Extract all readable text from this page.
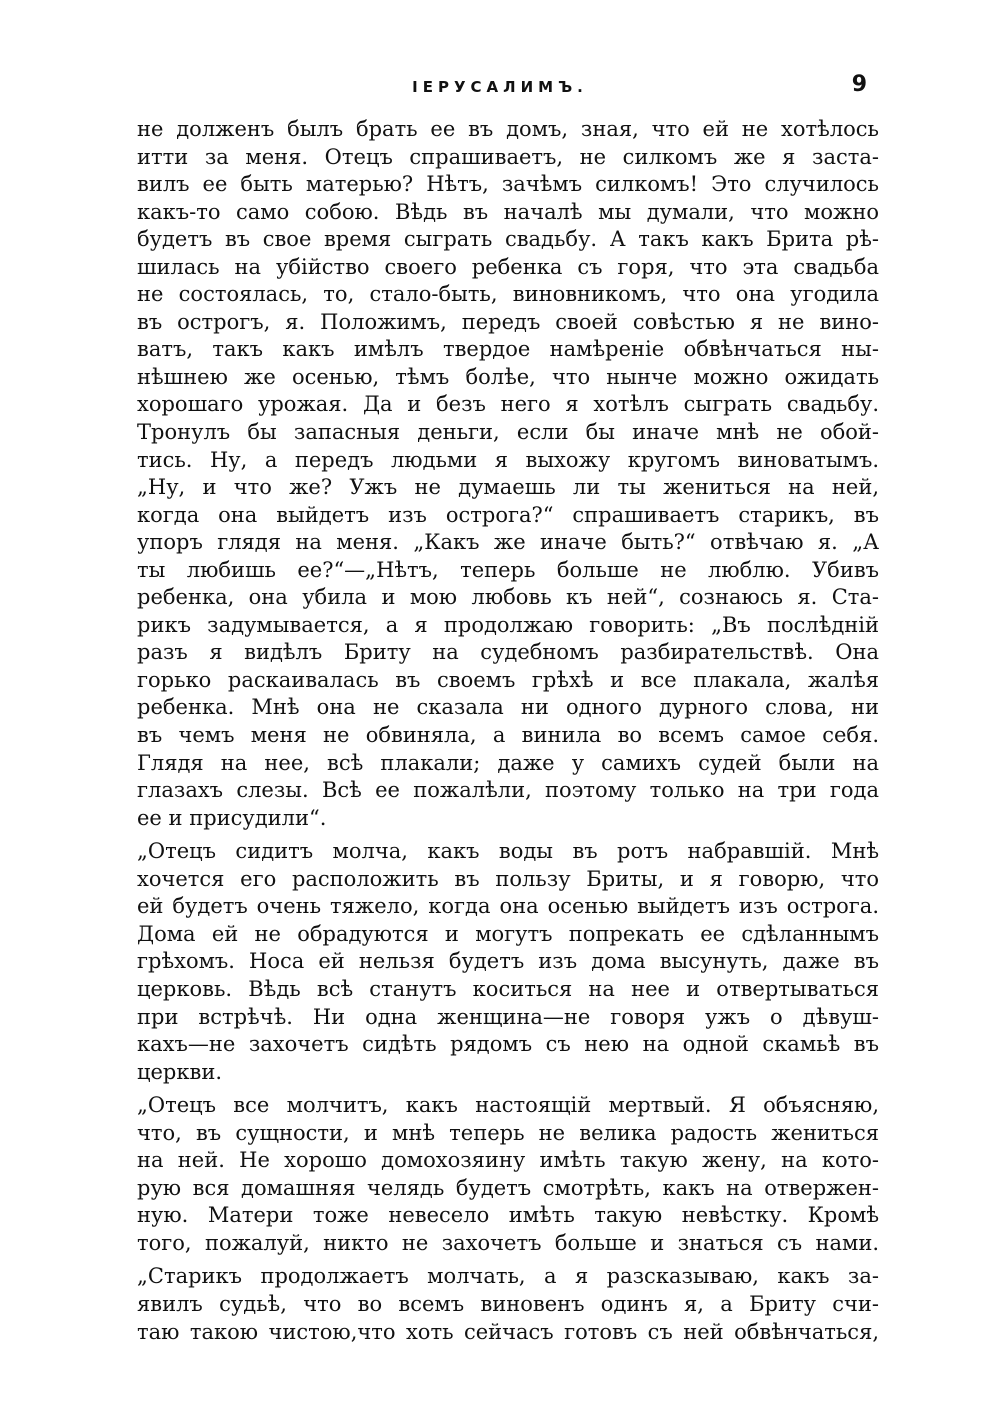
ІЕРУСАЛИМЪ.	9
не долженъ былъ брать ее въ домъ, зная, что ей не хотѣлось
итти за меня. Отецъ спрашиваетъ, не силкомъ же я заста-
вилъ ее быть матерью? Нѣтъ, зачѣмъ силкомъ! Это случилось
какъ-то само собою. Вѣдь въ началѣ мы думали, что можно
будетъ въ свое время сыграть свадьбу. А такъ какъ Брита рѣ-
шилась на убійство своего ребенка съ горя, что эта свадьба
не состоялась, то, стало-быть, виновникомъ, что она угодила
въ острогъ, я. Положимъ, передъ своей совѣстью я не вино-
ватъ, такъ какъ имѣлъ твердое намѣреніе обвѣнчаться ны-
нѣшнею же осенью, тѣмъ болѣе, что нынче можно ожидать
хорошаго урожая. Да и безъ него я хотѣлъ сыграть свадьбу.
Тронулъ бы запасныя деньги, если бы иначе мнѣ не обой-
тись. Ну, а передъ людьми я выхожу кругомъ виноватымъ.
„Ну, и что же? Ужъ не думаешь ли ты жениться на ней,
когда она выйдетъ изъ острога?“ спрашиваетъ старикъ, въ
упоръ глядя на меня. „Какъ же иначе быть?“ отвѣчаю я. „А
ты любишь ее?“—„Нѣтъ, теперь больше не люблю. Убивъ
ребенка, она убила и мою любовь къ ней“, сознаюсь я. Ста-
рикъ задумывается, а я продолжаю говорить: „Въ послѣдній
разъ я видѣлъ Бриту на судебномъ разбирательствѣ. Она
горько раскаивалась въ своемъ грѣхѣ и все плакала, жалѣя
ребенка. Мнѣ она не сказала ни одного дурного слова, ни
въ чемъ меня не обвиняла, а винила во всемъ самое себя.
Глядя на нее, всѣ плакали; даже у самихъ судей были на
глазахъ слезы. Всѣ ее пожалѣли, поэтому только на три года
ее и присудили“.
„Отецъ сидитъ молча, какъ воды въ ротъ набравшій. Мнѣ
хочется его расположить въ пользу Бриты, и я говорю, что
ей будетъ очень тяжело, когда она осенью выйдетъ изъ острога.
Дома ей не обрадуются и могутъ попрекать ее сдѣланнымъ
грѣхомъ. Носа ей нельзя будетъ изъ дома высунуть, даже въ
церковь. Вѣдь всѣ станутъ коситься на нее и отвертываться
при встрѣчѣ. Ни одна женщина—не говоря ужъ о дѣвуш-
кахъ—не захочетъ сидѣть рядомъ съ нею на одной скамьѣ въ
церкви.
„Отецъ все молчитъ, какъ настоящій мертвый. Я объясняю,
что, въ сущности, и мнѣ теперь не велика радость жениться
на ней. Не хорошо домохозяину имѣть такую жену, на кото-
рую вся домашняя челядь будетъ смотрѣть, какъ на отвержен-
ную. Матери тоже невесело имѣть такую невѣстку. Кромѣ
того, пожалуй, никто не захочетъ больше и знаться съ нами.
„Старикъ продолжаетъ молчать, а я разсказываю, какъ за-
явилъ судьѣ, что во всемъ виновенъ одинъ я, а Бриту счи-
таю такою чистою,что хоть сейчасъ готовъ съ ней обвѣнчаться,
